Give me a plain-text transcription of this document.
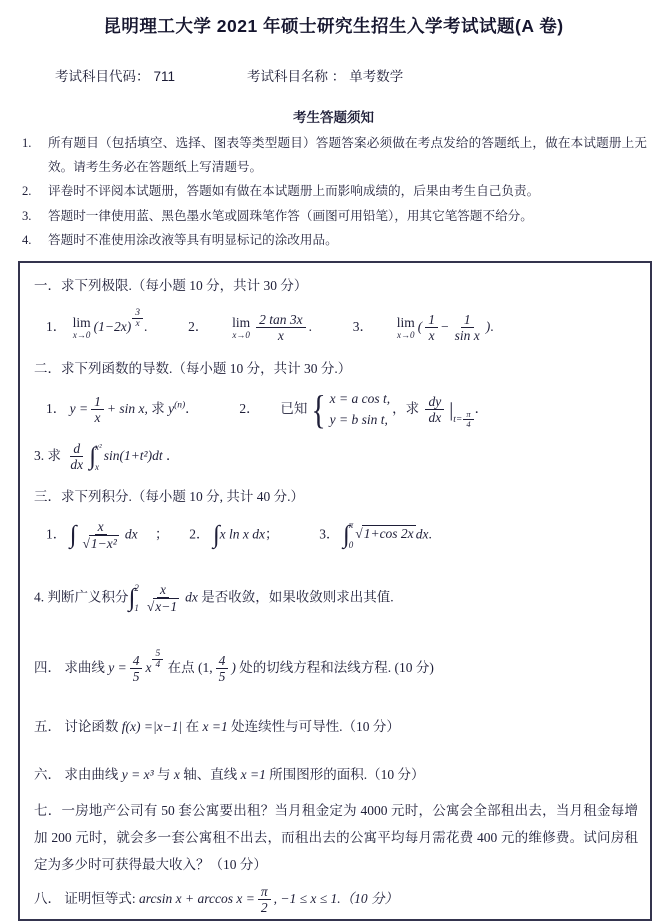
昆明理工大学 2021 年硕士研究生招生入学考试试题(A 卷)
考试科目代码： 711	考试科目名称 ： 单考数学
考生答题须知
1.	所有题目（包括填空、选择、图表等类型题目）答题答案必须做在考点发给的答题纸上，做在本试题册上无效。请考生务必在答题纸上写清题号。
2.	评卷时不评阅本试题册，答题如有做在本试题册上而影响成绩的，后果由考生自己负责。
3.	答题时一律使用蓝、黑色墨水笔或圆珠笔作答（画图可用铅笔），用其它笔答题不给分。
4.	答题时不准使用涂改液等具有明显标记的涂改用品。
一．求下列极限.（每小题 10 分，共计 30 分）
1． lim
x→0
$(1-2x) \frac{3}{x}$ .	2． lim
$x\to 0 \frac{2 \tan 3x}{x}$ .	3． lim
x→0
( $\frac{1}{x} - \frac{1}{\text{sin x}}$ ).
二．求下列函数的导数.（每小题 10 分，共计 30 分.）
1． $y = \frac{1}{x} + \sin x$, 求 $y^{(n)}$．	2． 已知 { x = a cos t,
y = b sin t,
，求 $\frac{dy}{dx} |_{t= \frac{\pi}{4}}$
．
3. 求 $\frac{d}{dx}$ ∫ x²
x
sin(1+t²)dt ．
三．求下列积分.（每小题 10 分, 共计 40 分.）
1． ∫ $\frac{x}{\text{√ 1−x²}}$ dx ； 2． ∫x ln x dx；	3． ∫ π
0
√ 1+cos 2x dx.
4. 判断广义积分∫ 2
$1 \frac{x}{√ x-1}$ dx 是否收敛，如果收敛则求出其值.
四． 求曲线 $y = \frac{4}{5}$ x $\frac{5}{4}$ 在点 (1, $\frac{4}{5}$ ) 处的切线方程和法线方程. (10 分)
五． 讨论函数 f(x) =|x−1| 在 x =1 处连续性与可导性.（10 分）
六． 求由曲线 y = x³ 与 x 轴、直线 x =1 所围图形的面积.（10 分）
七．一房地产公司有 50 套公寓要出租？当月租金定为 4000 元时，公寓会全部租出去，当月租金每增加 200 元时，就会多一套公寓租不出去，而租出去的公寓平均每月需花费 400 元的维修费。试问房租定为多少时可获得最大收入？（10 分）
八． 证明恒等式: $\arcsin x + \arccos x = \frac{\pi}{2}$ , −1 ≤ x ≤ 1.（10 分）
